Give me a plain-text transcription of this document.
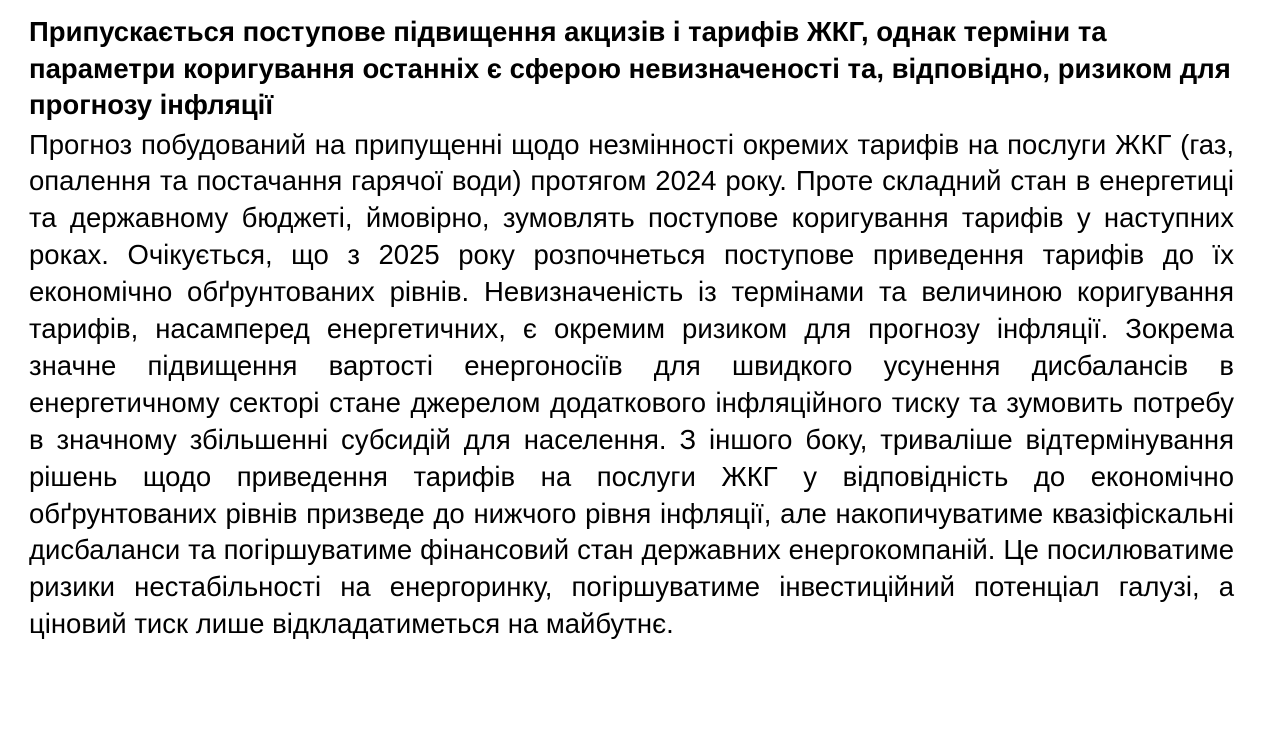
Припускається поступове підвищення акцизів і тарифів ЖКГ, однак терміни та параметри коригування останніх є сферою невизначеності та, відповідно, ризиком для прогнозу інфляції

Прогноз побудований на припущенні щодо незмінності окремих тарифів на послуги ЖКГ (газ, опалення та постачання гарячої води) протягом 2024 року. Проте складний стан в енергетиці та державному бюджеті, ймовірно, зумовлять поступове коригування тарифів у наступних роках. Очікується, що з 2025 року розпочнеться поступове приведення тарифів до їх економічно обґрунтованих рівнів. Невизначеність із термінами та величиною коригування тарифів, насамперед енергетичних, є окремим ризиком для прогнозу інфляції. Зокрема значне підвищення вартості енергоносіїв для швидкого усунення дисбалансів в енергетичному секторі стане джерелом додаткового інфляційного тиску та зумовить потребу в значному збільшенні субсидій для населення. З іншого боку, триваліше відтермінування рішень щодо приведення тарифів на послуги ЖКГ у відповідність до економічно обґрунтованих рівнів призведе до нижчого рівня інфляції, але накопичуватиме квазіфіскальні дисбаланси та погіршуватиме фінансовий стан державних енергокомпаній. Це посилюватиме ризики нестабільності на енергоринку, погіршуватиме інвестиційний потенціал галузі, а ціновий тиск лише відкладатиметься на майбутнє.
